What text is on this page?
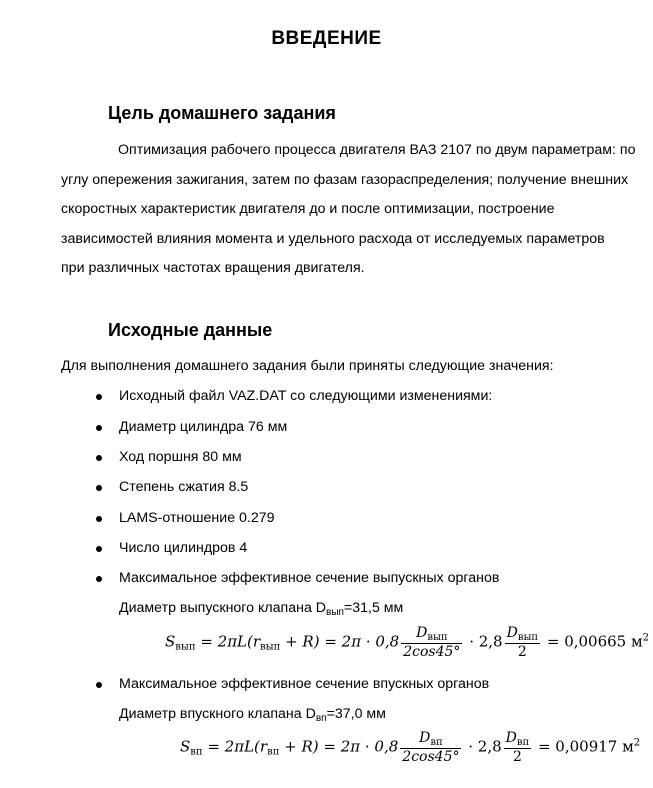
ВВЕДЕНИЕ
Цель домашнего задания
Оптимизация рабочего процесса двигателя ВАЗ 2107 по двум параметрам: по
углу опережения зажигания, затем по фазам газораспределения; получение внешних
скоростных характеристик двигателя до и после оптимизации, построение
зависимостей влияния момента и удельного расхода от исследуемых параметров
при различных частотах вращения двигателя.
Исходные данные
Для выполнения домашнего задания были приняты следующие значения:
Исходный файл VAZ.DAT со следующими изменениями:
Диаметр цилиндра 76 мм
Ход поршня 80 мм
Степень сжатия 8.5
LAMS-отношение 0.279
Число цилиндров 4
Максимальное эффективное сечение выпускных органов
Диаметр выпускного клапана $D_{вып}=31,5$ мм
$S_{вып} = 2\pi L(r_{вып} + R) = 2\pi \cdot 0,8 \frac{D_{вып}}{2\cos 45^\circ} \cdot 2,8 \frac{D_{вып}}{2} = 0,00665$ $м^2$
Максимальное эффективное сечение впускных органов
Диаметр впускного клапана $D_{вп}=37,0$ мм
$S_{вп} = 2\pi L(r_{вп} + R) = 2\pi \cdot 0,8 \frac{D_{вп}}{2\cos 45^\circ} \cdot 2,8 \frac{D_{вп}}{2} = 0,00917$ $м^2$
